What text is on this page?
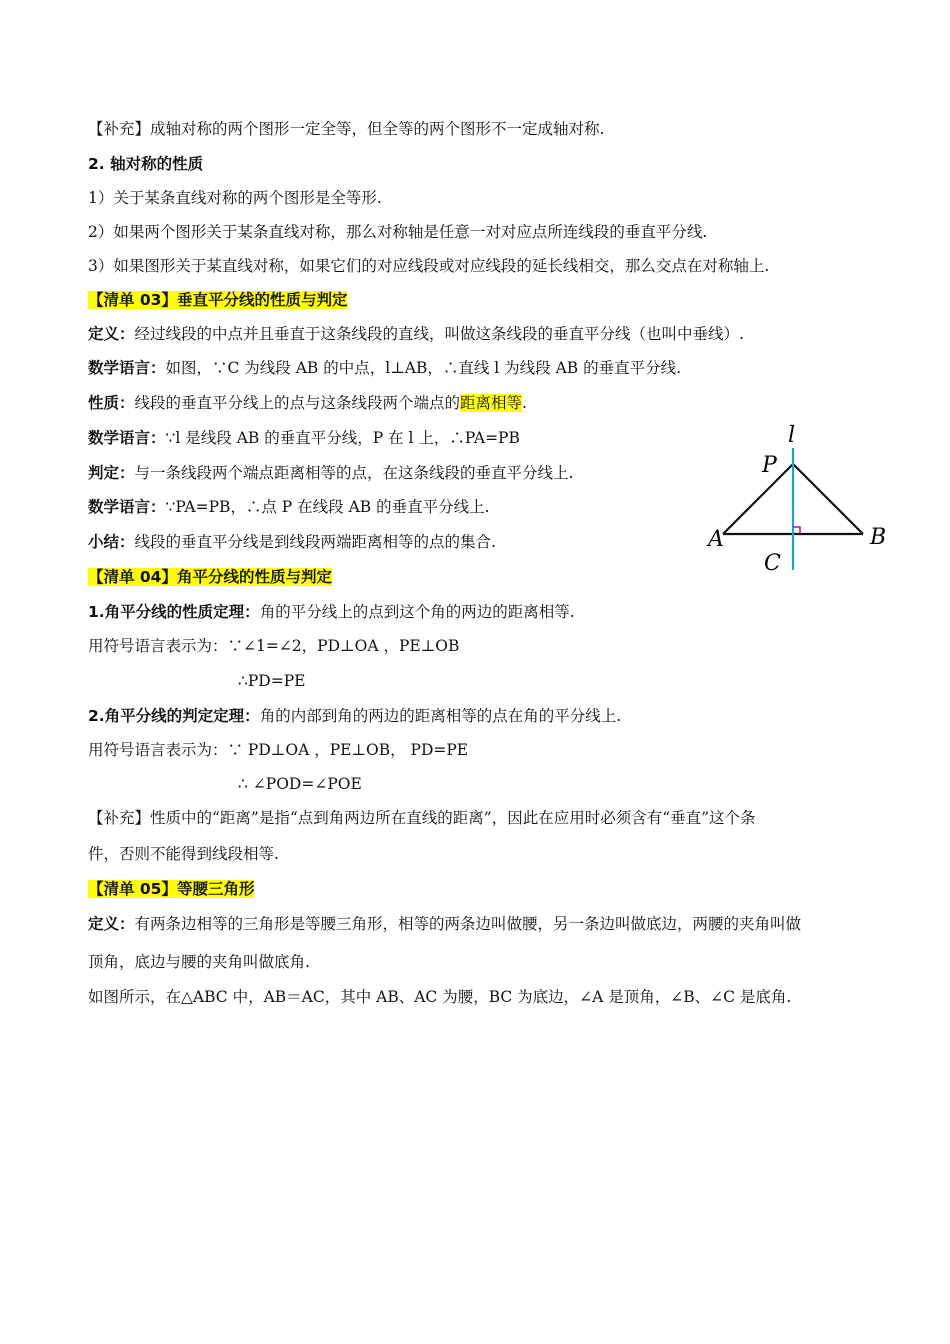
【补充】成轴对称的两个图形一定全等，但全等的两个图形不一定成轴对称.
2. 轴对称的性质
1）关于某条直线对称的两个图形是全等形.
2）如果两个图形关于某条直线对称，那么对称轴是任意一对对应点所连线段的垂直平分线.
3）如果图形关于某直线对称，如果它们的对应线段或对应线段的延长线相交，那么交点在对称轴上.
【清单 03】垂直平分线的性质与判定
定义：经过线段的中点并且垂直于这条线段的直线，叫做这条线段的垂直平分线（也叫中垂线）.
数学语言：如图，∵C 为线段 AB 的中点，l⊥AB，∴直线 l 为线段 AB 的垂直平分线.
性质：线段的垂直平分线上的点与这条线段两个端点的距离相等.
数学语言：∵l 是线段 AB 的垂直平分线，P 在 l 上，∴PA=PB
判定：与一条线段两个端点距离相等的点，在这条线段的垂直平分线上.
数学语言：∵PA=PB，∴点 P 在线段 AB 的垂直平分线上.
小结：线段的垂直平分线是到线段两端距离相等的点的集合.
【清单 04】角平分线的性质与判定
1.角平分线的性质定理：角的平分线上的点到这个角的两边的距离相等.
用符号语言表示为：∵∠1=∠2，PD⊥OA ，PE⊥OB
∴PD=PE
2.角平分线的判定定理：角的内部到角的两边的距离相等的点在角的平分线上.
用符号语言表示为：∵ PD⊥OA ，PE⊥OB， PD=PE
∴ ∠POD=∠POE
【补充】性质中的“距离”是指“点到角两边所在直线的距离”，因此在应用时必须含有“垂直”这个条
件，否则不能得到线段相等.
【清单 05】等腰三角形
定义：有两条边相等的三角形是等腰三角形，相等的两条边叫做腰，另一条边叫做底边，两腰的夹角叫做
顶角，底边与腰的夹角叫做底角.
如图所示，在△ABC 中，AB＝AC，其中 AB、AC 为腰，BC 为底边，∠A 是顶角，∠B、∠C 是底角.
l
P
A	B
C
